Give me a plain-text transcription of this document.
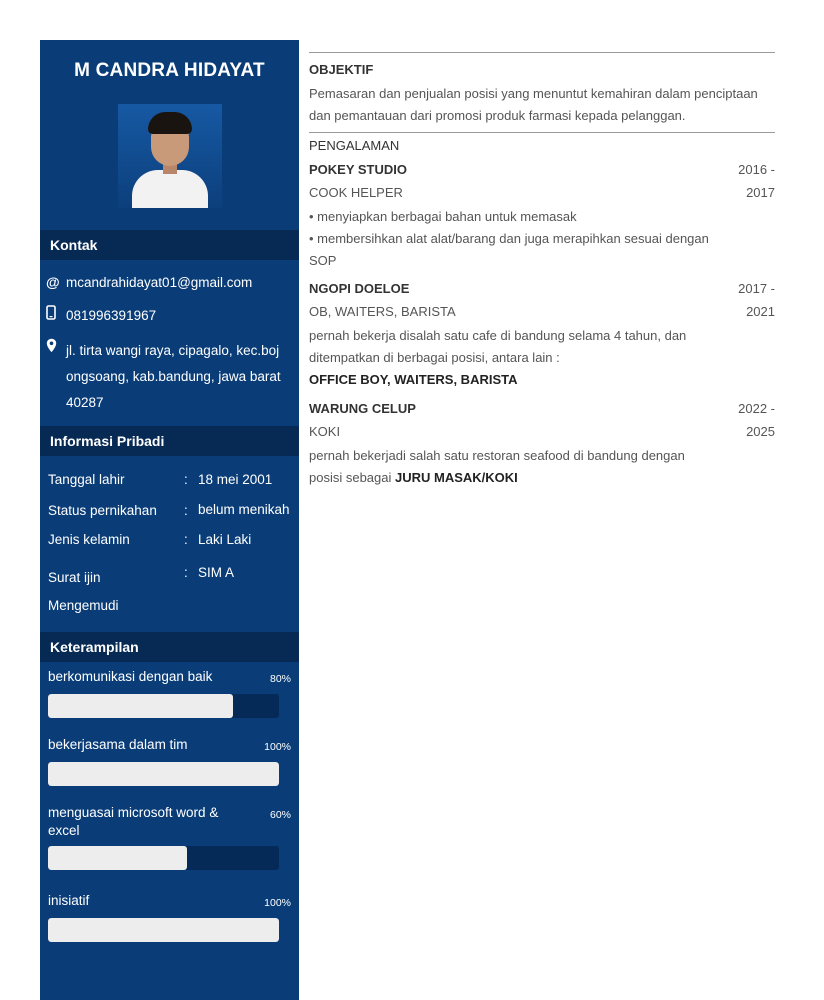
M CANDRA HIDAYAT
Kontak
@ mcandrahidayat01@gmail.com
081996391967
jl. tirta wangi raya, cipagalo, kec.boj
ongsoang, kab.bandung, jawa barat
40287
Informasi Pribadi
Tanggal lahir	: 18 mei 2001
Status pernikahan	: belum menikah
Jenis kelamin	: Laki Laki
Surat ijin Mengemudi
: SIM A
Keterampilan
berkomunikasi dengan baik	80%
bekerjasama dalam tim	100%
menguasai microsoft word & excel
60%
inisiatif	100%
OBJEKTIF
Pemasaran dan penjualan posisi yang menuntut kemahiran dalam penciptaan dan pemantauan dari promosi produk farmasi kepada pelanggan.
PENGALAMAN
POKEY STUDIO	2016 -
COOK HELPER	2017
• menyiapkan berbagai bahan untuk memasak
• membersihkan alat alat/barang dan juga merapihkan sesuai dengan SOP
NGOPI DOELOE	2017 -
OB, WAITERS, BARISTA	2021
pernah bekerja disalah satu cafe di bandung selama 4 tahun, dan ditempatkan di berbagai posisi, antara lain :
OFFICE BOY, WAITERS, BARISTA
WARUNG CELUP	2022 -
KOKI	2025
pernah bekerjadi salah satu restoran seafood di bandung dengan posisi sebagai JURU MASAK/KOKI
